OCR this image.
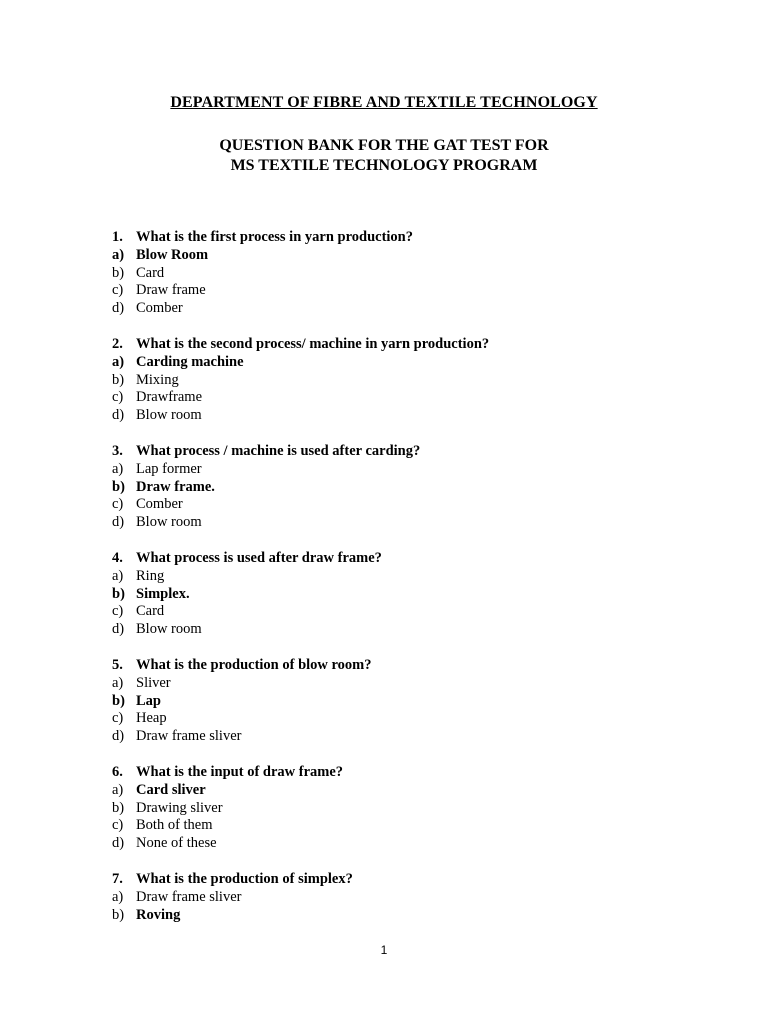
DEPARTMENT OF FIBRE AND TEXTILE TECHNOLOGY
QUESTION BANK FOR THE GAT TEST FOR
MS TEXTILE TECHNOLOGY PROGRAM
1. What is the first process in yarn production?
a) Blow Room
b) Card
c) Draw frame
d) Comber
2. What is the second process/ machine in yarn production?
a) Carding machine
b) Mixing
c) Drawframe
d) Blow room
3. What process / machine is used after carding?
a) Lap former
b) Draw frame.
c) Comber
d) Blow room
4. What process is used after draw frame?
a) Ring
b) Simplex.
c) Card
d) Blow room
5. What is the production of blow room?
a) Sliver
b) Lap
c) Heap
d) Draw frame sliver
6. What is the input of draw frame?
a) Card sliver
b) Drawing sliver
c) Both of them
d) None of these
7. What is the production of simplex?
a) Draw frame sliver
b) Roving
1
